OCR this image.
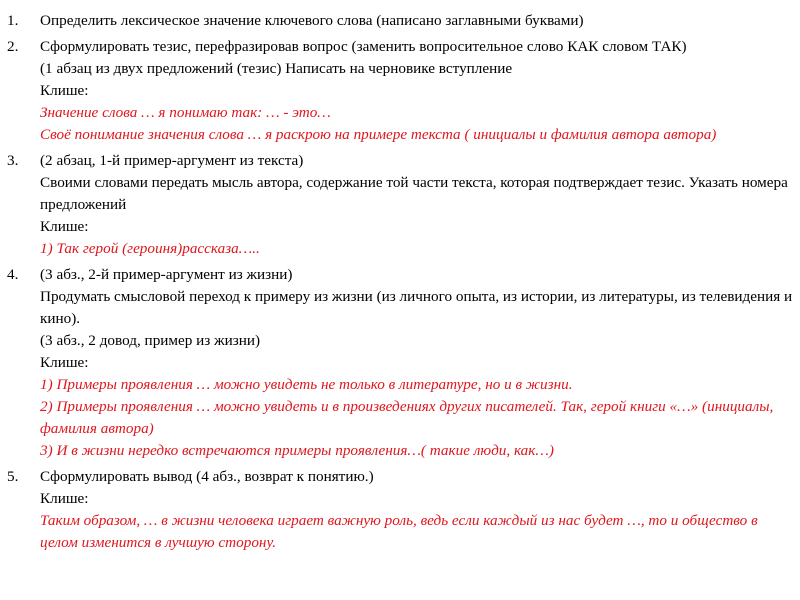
1.	Определить лексическое значение ключевого слова (написано заглавными буквами)
2.	Сформулировать тезис, перефразировав вопрос (заменить вопросительное слово КАК словом ТАК)
(1 абзац из двух предложений (тезис) Написать на черновике вступление
Клише:
Значение слова … я понимаю так: … - это…
Своё понимание значения слова … я раскрою на примере текста ( инициалы и фамилия автора автора)
3.	(2 абзац, 1-й пример-аргумент из текста)
Своими словами передать мысль автора, содержание той части текста, которая подтверждает тезис. Указать номера предложений
Клише:
1) Так герой (героиня)рассказа…..
4.	(3 абз., 2-й пример-аргумент из жизни)
Продумать смысловой переход к примеру из жизни (из личного опыта, из истории, из литературы, из телевидения и кино).
(3 абз., 2 довод, пример из жизни)
Клише:
1) Примеры проявления … можно увидеть не только в литературе, но и в жизни.
2) Примеры проявления … можно увидеть и в произведениях других писателей. Так, герой книги «…» (инициалы, фамилия автора)
3) И в жизни нередко встречаются примеры проявления…( такие люди, как…)
5.	Сформулировать вывод (4 абз., возврат к понятию.)
Клише:
Таким образом, … в жизни человека играет важную роль, ведь если каждый из нас будет …, то и общество в целом изменится в лучшую сторону.
